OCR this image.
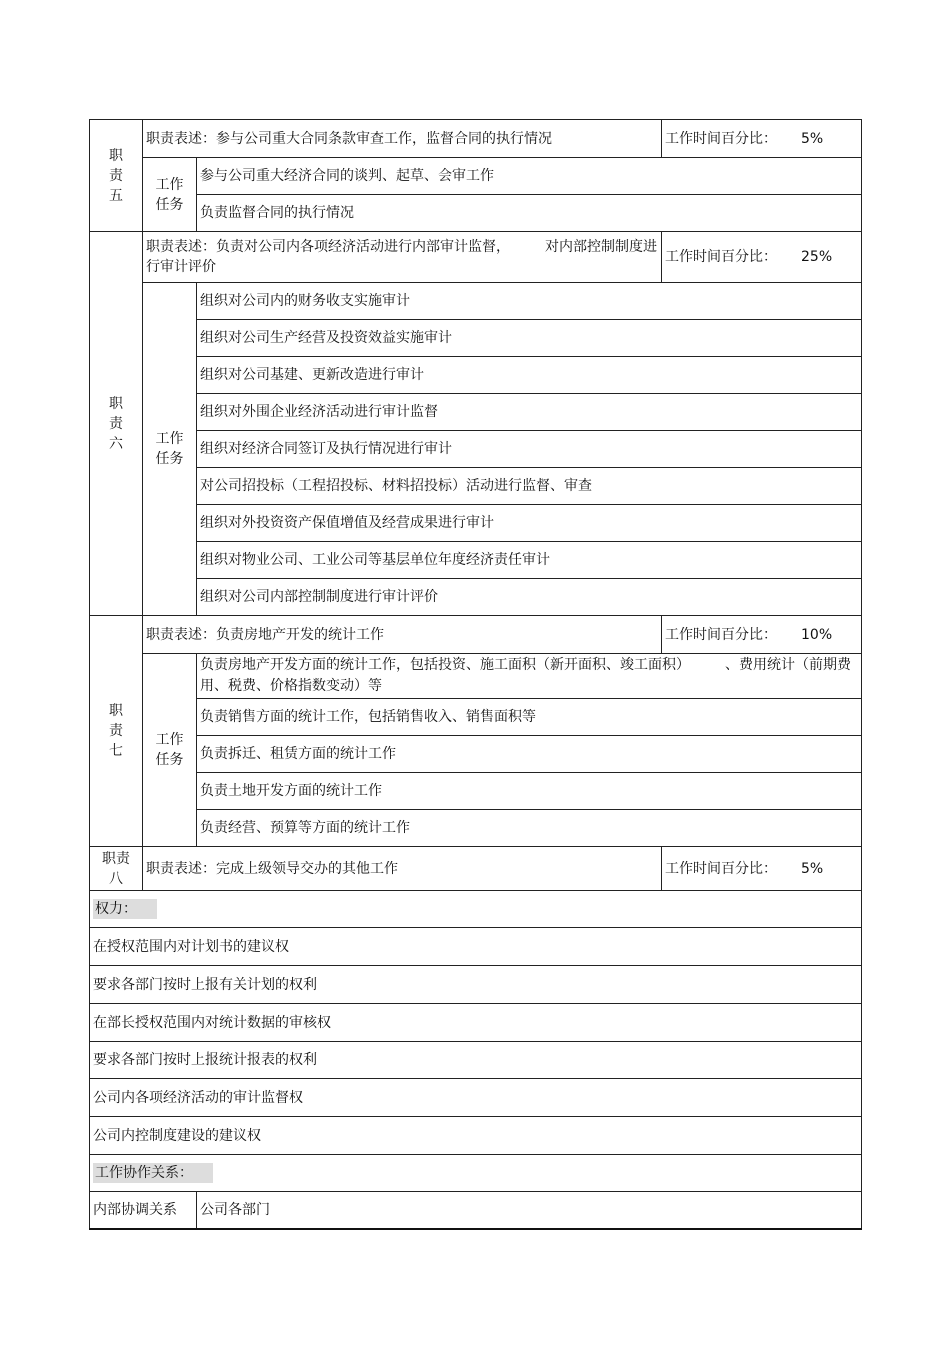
职
责
五	职责表述：参与公司重大合同条款审查工作，监督合同的执行情况		工作时间百分比： 5%

	工作
任务	参与公司重大经济合同的谈判、起草、会审工作	
		负责监督合同的执行情况	

职
责
六	职责表述：负责对公司内各项经济活动进行内部审计监督，　　　对内部控制制度进行审计评价		工作时间百分比： 25%

	工作
任务	组织对公司内的财务收支实施审计	
		组织对公司生产经营及投资效益实施审计	
		组织对公司基建、更新改造进行审计	
		组织对外围企业经济活动进行审计监督	
		组织对经济合同签订及执行情况进行审计	
		对公司招投标（工程招投标、材料招投标）活动进行监督、审查	
		组织对外投资资产保值增值及经营成果进行审计	
		组织对物业公司、工业公司等基层单位年度经济责任审计	
		组织对公司内部控制制度进行审计评价	

职
责
七	职责表述：负责房地产开发的统计工作		工作时间百分比： 10%

	工作
任务	负责房地产开发方面的统计工作，包括投资、施工面积（新开面积、竣工面积）　　　、费用统计（前期费用、税费、价格指数变动）等	
		负责销售方面的统计工作，包括销售收入、销售面积等	
		负责拆迁、租赁方面的统计工作	
		负责土地开发方面的统计工作	
		负责经营、预算等方面的统计工作	

职责
八	职责表述：完成上级领导交办的其他工作		工作时间百分比： 5%
权力：			
在授权范围内对计划书的建议权			
要求各部门按时上报有关计划的权利			
在部长授权范围内对统计数据的审核权			
要求各部门按时上报统计报表的权利			
公司内各项经济活动的审计监督权			
公司内控制度建设的建议权			
工作协作关系：			
内部协调关系		公司各部门	
